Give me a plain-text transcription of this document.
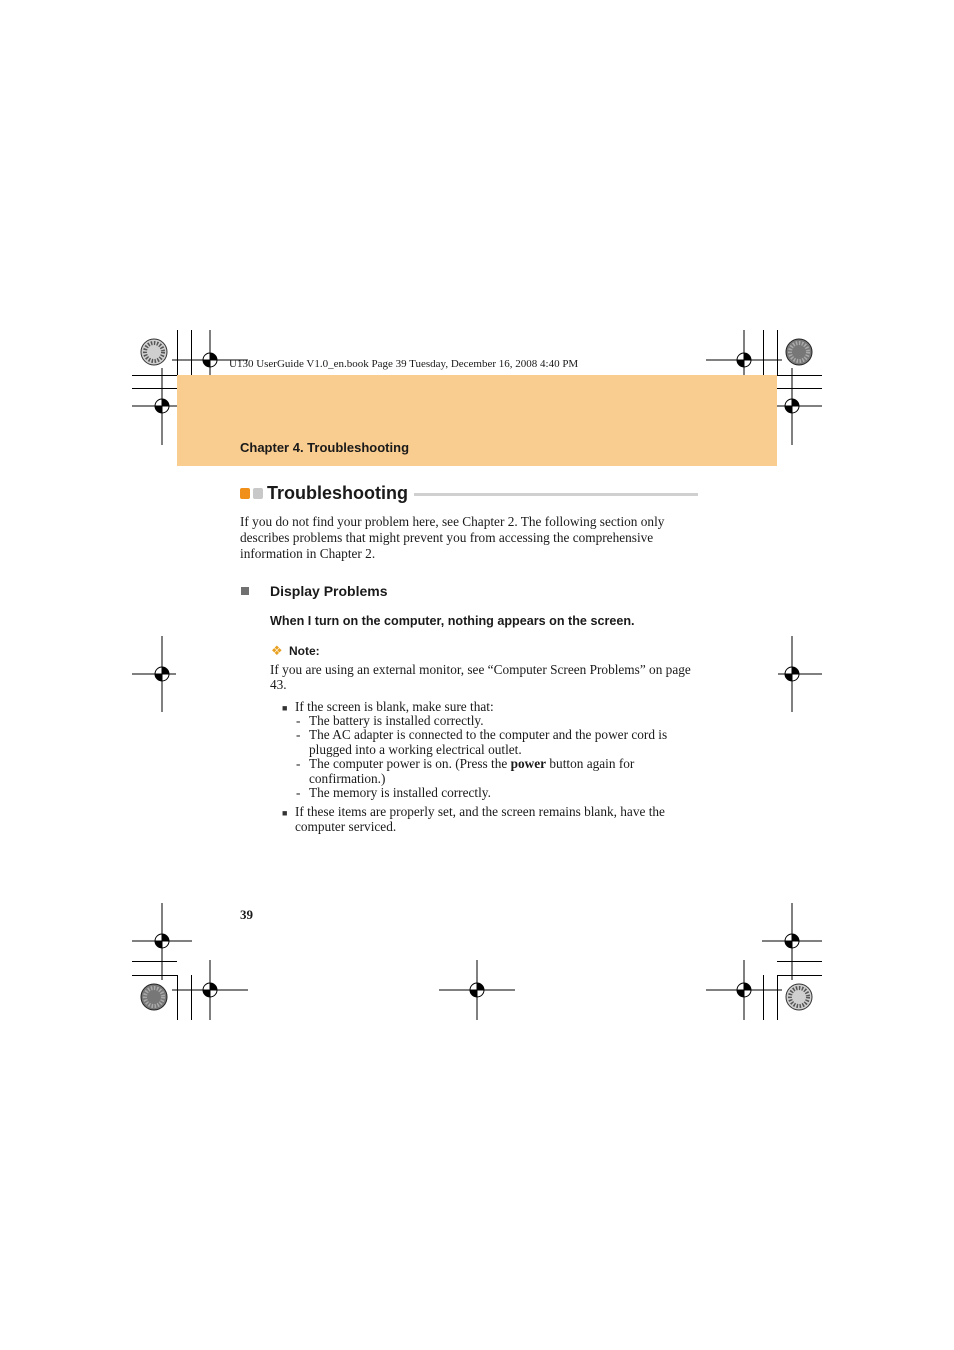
U130 UserGuide V1.0_en.book Page 39 Tuesday, December 16, 2008 4:40 PM
Chapter 4. Troubleshooting
Troubleshooting
If you do not find your problem here, see Chapter 2. The following section only describes problems that might prevent you from accessing the comprehensive information in Chapter 2.
Display Problems
When I turn on the computer, nothing appears on the screen.
❖ Note:
If you are using an external monitor, see “Computer Screen Problems” on page 43.
■ If the screen is blank, make sure that:
- The battery is installed correctly.
- The AC adapter is connected to the computer and the power cord is plugged into a working electrical outlet.
- The computer power is on. (Press the power button again for confirmation.)
- The memory is installed correctly.
■ If these items are properly set, and the screen remains blank, have the computer serviced.
39
